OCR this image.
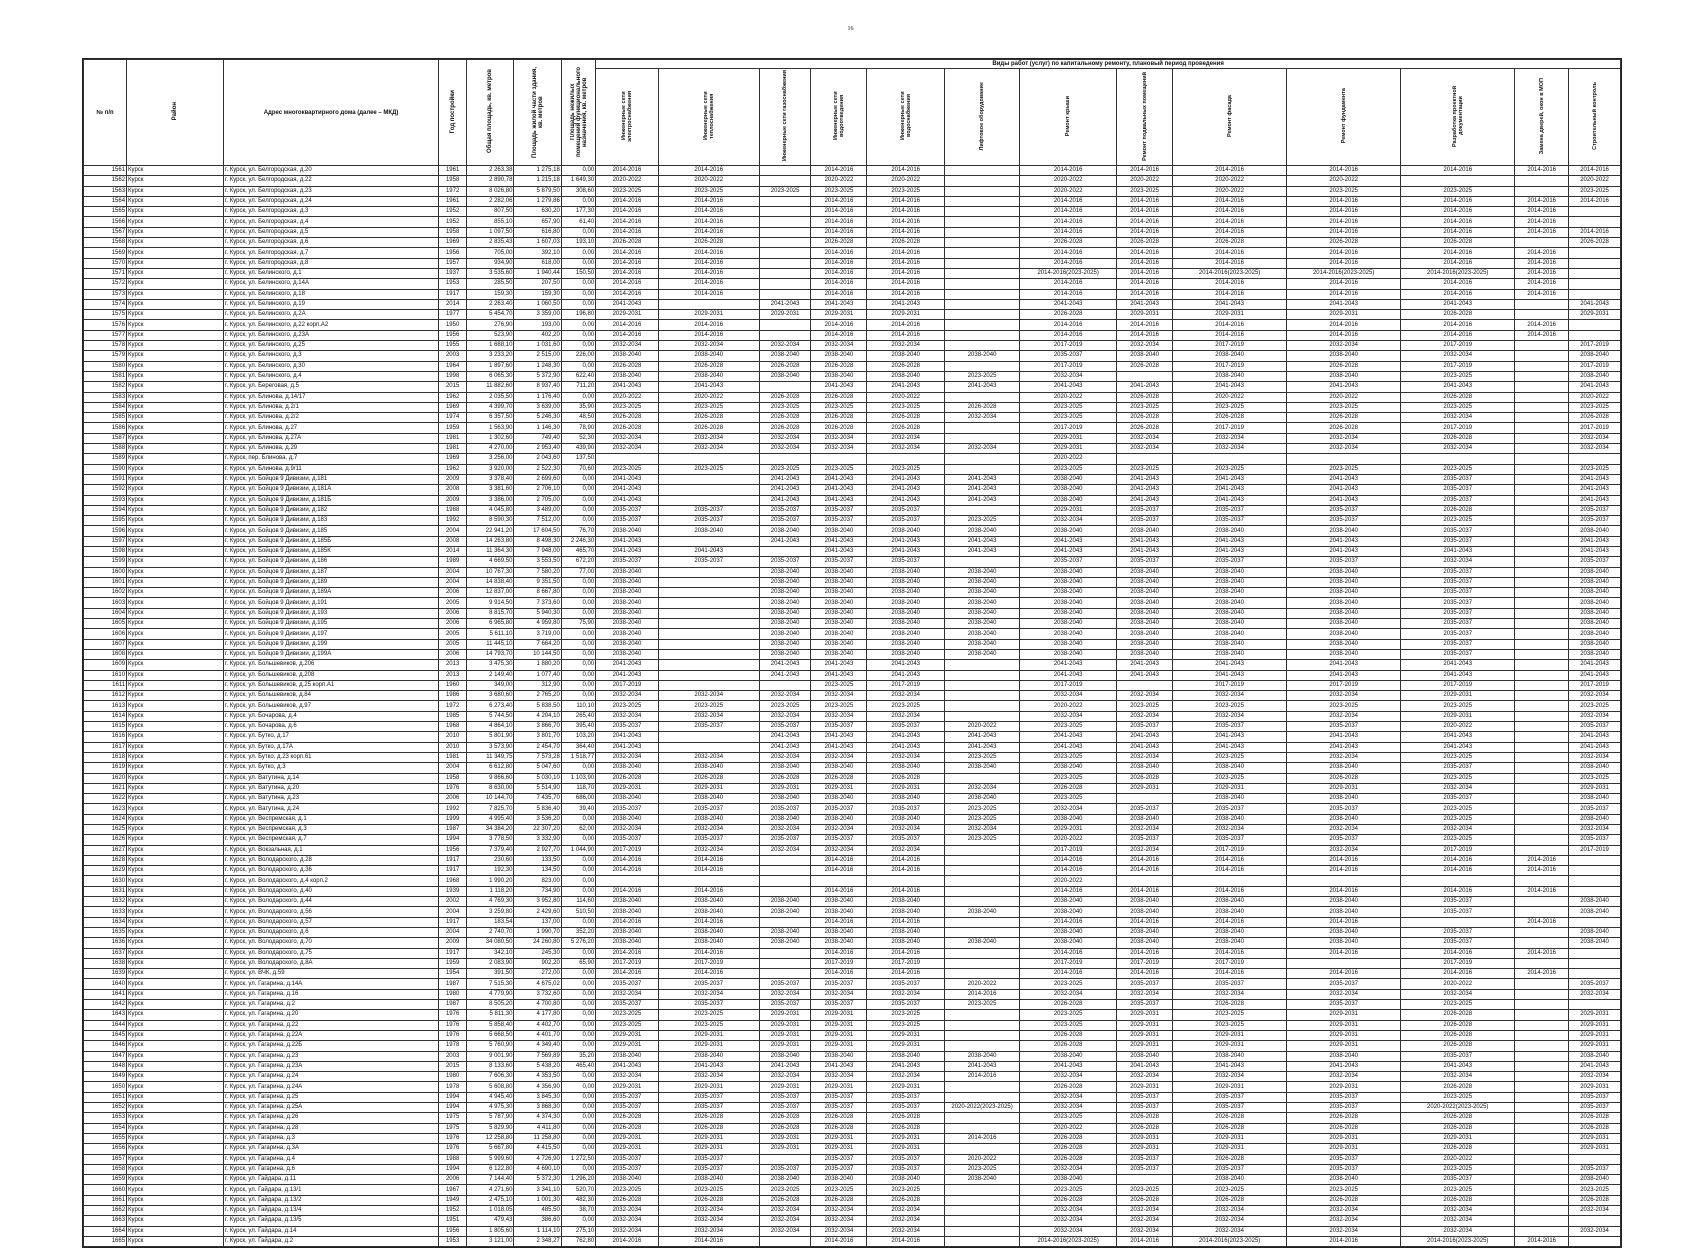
16
№ п/п	Район	Адрес многоквартирного дома (далее – МКД)	Год постройки	Общая площадь, кв. метров	Площадь жилой части здания, кв. метров	Площадь нежилых помещений функционального назначения, кв. метров	Виды работ (услуг) по капитальному ремонту, плановый период проведения												
							Инженерные сети электроснабжения	Инженерные сети теплоснабжения	Инженерные сети газоснабжения	Инженерные сети водоотведения	Инженерные сети водоснабжения	Лифтовое оборудование	Ремонт крыши	Ремонт подвальных помещений	Ремонт фасада	Ремонт фундамента	Разработка проектной документации	Замена дверей, окон в МОП	Строительный контроль
1561	Курск	г. Курск, ул. Белгородская, д.20	1961	2 263,38	1 275,18	0,00	2014-2016	2014-2016		2014-2016	2014-2016		2014-2016	2014-2016	2014-2016	2014-2016	2014-2016	2014-2016	2014-2016
1562	Курск	г. Курск, ул. Белгородская, д.22	1958	2 890,78	1 215,18	1 649,30	2020-2022	2020-2022		2020-2022	2020-2022		2020-2022	2020-2022	2020-2022	2020-2022			2020-2022
1563	Курск	г. Курск, ул. Белгородская, д.23	1972	8 026,80	5 879,50	308,60	2023-2025	2023-2025	2023-2025	2023-2025	2023-2025		2020-2022	2023-2025	2020-2022	2023-2025	2023-2025		2023-2025
1564	Курск	г. Курск, ул. Белгородская, д.24	1961	2 282,06	1 279,86	0,00	2014-2016	2014-2016		2014-2016	2014-2016		2014-2016	2014-2016	2014-2016	2014-2016	2014-2016	2014-2016	2014-2016
1565	Курск	г. Курск, ул. Белгородская, д.3	1952	807,50	630,20	177,30	2014-2016	2014-2016		2014-2016	2014-2016		2014-2016	2014-2016	2014-2016	2014-2016	2014-2016	2014-2016	
1566	Курск	г. Курск, ул. Белгородская, д.4	1952	855,10	657,90	61,40	2014-2016	2014-2016		2014-2016	2014-2016		2014-2016	2014-2016	2014-2016	2014-2016	2014-2016	2014-2016	
1567	Курск	г. Курск, ул. Белгородская, д.5	1958	1 097,50	616,80	0,00	2014-2016	2014-2016		2014-2016	2014-2016		2014-2016	2014-2016	2014-2016	2014-2016	2014-2016	2014-2016	2014-2016
1568	Курск	г. Курск, ул. Белгородская, д.6	1969	2 835,43	1 607,03	193,10	2026-2028	2026-2028		2026-2028	2026-2028		2026-2028	2026-2028	2026-2028	2026-2028	2026-2028		2026-2028
1569	Курск	г. Курск, ул. Белгородская, д.7	1956	705,00	392,10	0,00	2014-2016	2014-2016		2014-2016	2014-2016		2014-2016	2014-2016	2014-2016	2014-2016	2014-2016	2014-2016	
1570	Курск	г. Курск, ул. Белгородская, д.8	1957	934,90	618,00	0,00	2014-2016	2014-2016		2014-2016	2014-2016		2014-2016	2014-2016	2014-2016	2014-2016	2014-2016	2014-2016	
1571	Курск	г. Курск, ул. Белинского, д.1	1937	3 535,60	1 940,44	150,50	2014-2016	2014-2016		2014-2016	2014-2016		2014-2016(2023-2025)	2014-2016	2014-2016(2023-2025)	2014-2016(2023-2025)	2014-2016(2023-2025)	2014-2016	
1572	Курск	г. Курск, ул. Белинского, д.14А	1953	285,50	207,50	0,00	2014-2016	2014-2016		2014-2016	2014-2016		2014-2016	2014-2016	2014-2016	2014-2016	2014-2016	2014-2016	
1573	Курск	г. Курск, ул. Белинского, д.18	1917	159,30	159,30	0,00	2014-2016	2014-2016		2014-2016	2014-2016		2014-2016	2014-2016	2014-2016	2014-2016	2014-2016	2014-2016	
1574	Курск	г. Курск, ул. Белинского, д.19	2014	2 263,40	1 060,50	0,00	2041-2043		2041-2043	2041-2043	2041-2043		2041-2043	2041-2043	2041-2043	2041-2043	2041-2043		2041-2043
1575	Курск	г. Курск, ул. Белинского, д.2А	1977	5 454,70	3 359,00	196,80	2029-2031	2029-2031	2029-2031	2029-2031	2029-2031		2026-2028	2029-2031	2029-2031	2029-2031	2026-2028		2029-2031
1576	Курск	г. Курск, ул. Белинского, д.22 корп.А2	1950	276,90	193,00	0,00	2014-2016	2014-2016		2014-2016	2014-2016		2014-2016	2014-2016	2014-2016	2014-2016	2014-2016	2014-2016	
1577	Курск	г. Курск, ул. Белинского, д.23А	1956	523,90	402,20	0,00	2014-2016	2014-2016		2014-2016	2014-2016		2014-2016	2014-2016	2014-2016	2014-2016	2014-2016	2014-2016	
1578	Курск	г. Курск, ул. Белинского, д.25	1955	1 688,10	1 031,60	0,00	2032-2034	2032-2034	2032-2034	2032-2034	2032-2034		2017-2019	2032-2034	2017-2019	2032-2034	2017-2019		2017-2019
1579	Курск	г. Курск, ул. Белинского, д.3	2003	3 233,20	2 515,00	226,00	2038-2040	2038-2040	2038-2040	2038-2040	2038-2040	2038-2040	2035-2037	2038-2040	2038-2040	2038-2040	2032-2034		2038-2040
1580	Курск	г. Курск, ул. Белинского, д.30	1964	1 897,60	1 248,30	0,00	2026-2028	2026-2028	2026-2028	2026-2028	2026-2028		2017-2019	2026-2028	2017-2019	2026-2028	2017-2019		2017-2019
1581	Курск	г. Курск, ул. Белинского, д.4	1998	6 065,30	5 372,90	622,40	2038-2040	2038-2040	2038-2040	2038-2040	2038-2040	2023-2025	2032-2034		2038-2040	2038-2040	2023-2025		2038-2040
1582	Курск	г. Курск, ул. Береговая, д.5	2015	11 882,60	8 937,40	711,20	2041-2043	2041-2043		2041-2043	2041-2043	2041-2043	2041-2043	2041-2043	2041-2043	2041-2043	2041-2043		2041-2043
1583	Курск	г. Курск, ул. Блинова, д.14/17	1962	2 035,50	1 176,40	0,00	2020-2022	2020-2022	2026-2028	2026-2028	2020-2022		2020-2022	2026-2028	2020-2022	2020-2022	2026-2028		2020-2022
1584	Курск	г. Курск, ул. Блинова, д.2/1	1969	4 399,70	3 639,00	35,90	2023-2025	2023-2025	2023-2025	2023-2025	2023-2025	2026-2028	2023-2025	2023-2025	2023-2025	2023-2025	2023-2025		2023-2025
1585	Курск	г. Курск, ул. Блинова, д.2/2	1974	6 357,50	5 246,30	48,50	2026-2028	2026-2028	2026-2028	2026-2028	2026-2028	2032-2034	2023-2025	2026-2028	2026-2028	2026-2028	2032-2034		2026-2028
1586	Курск	г. Курск, ул. Блинова, д.27	1959	1 563,90	1 146,30	78,90	2026-2028	2026-2028	2026-2028	2026-2028	2026-2028		2017-2019	2026-2028	2017-2019	2026-2028	2017-2019		2017-2019
1587	Курск	г. Курск, ул. Блинова, д.27А	1981	1 302,60	749,40	52,30	2032-2034	2032-2034	2032-2034	2032-2034	2032-2034		2029-2031	2032-2034	2032-2034	2032-2034	2026-2028		2032-2034
1588	Курск	г. Курск, ул. Блинова, д.29	1981	4 270,00	2 953,40	439,90	2032-2034	2032-2034	2032-2034	2032-2034	2032-2034	2032-2034	2029-2031	2032-2034	2032-2034	2032-2034	2032-2034		2032-2034
1589	Курск	г. Курск, пер. Блинова, д.7	1969	3 256,00	2 043,60	137,50							2020-2022						
1590	Курск	г. Курск, ул. Блинова, д.9/11	1962	3 920,00	2 522,30	70,60	2023-2025	2023-2025	2023-2025	2023-2025	2023-2025		2023-2025	2023-2025	2023-2025	2023-2025	2023-2025		2023-2025
1591	Курск	г. Курск, ул. Бойцов 9 Дивизии, д.181	2009	3 378,40	2 699,60	0,00	2041-2043		2041-2043	2041-2043	2041-2043	2041-2043	2038-2040	2041-2043	2041-2043	2041-2043	2035-2037		2041-2043
1592	Курск	г. Курск, ул. Бойцов 9 Дивизии, д.181А	2008	3 381,60	2 706,10	0,00	2041-2043		2041-2043	2041-2043	2041-2043	2041-2043	2038-2040	2041-2043	2041-2043	2041-2043	2035-2037		2041-2043
1593	Курск	г. Курск, ул. Бойцов 9 Дивизии, д.181Б	2009	3 386,00	2 705,00	0,00	2041-2043		2041-2043	2041-2043	2041-2043	2041-2043	2038-2040	2041-2043	2041-2043	2041-2043	2035-2037		2041-2043
1594	Курск	г. Курск, ул. Бойцов 9 Дивизии, д.182	1988	4 045,80	3 489,00	0,00	2035-2037	2035-2037	2035-2037	2035-2037	2035-2037		2029-2031	2035-2037	2035-2037	2035-2037	2026-2028		2035-2037
1595	Курск	г. Курск, ул. Бойцов 9 Дивизии, д.183	1992	8 590,30	7 512,00	0,00	2035-2037	2035-2037	2035-2037	2035-2037	2035-2037	2023-2025	2032-2034	2035-2037	2035-2037	2035-2037	2023-2025		2035-2037
1596	Курск	г. Курск, ул. Бойцов 9 Дивизии, д.185	2004	22 941,20	17 604,50	76,70	2038-2040	2038-2040	2038-2040	2038-2040	2038-2040	2038-2040	2038-2040	2038-2040	2038-2040	2038-2040	2035-2037		2038-2040
1597	Курск	г. Курск, ул. Бойцов 9 Дивизии, д.185Б	2008	14 263,80	8 498,30	2 246,30	2041-2043		2041-2043	2041-2043	2041-2043	2041-2043	2041-2043	2041-2043	2041-2043	2041-2043	2035-2037		2041-2043
1598	Курск	г. Курск, ул. Бойцов 9 Дивизии, д.185К	2014	11 364,30	7 948,00	465,70	2041-2043	2041-2043		2041-2043	2041-2043	2041-2043	2041-2043	2041-2043	2041-2043	2041-2043	2041-2043		2041-2043
1599	Курск	г. Курск, ул. Бойцов 9 Дивизии, д.186	1989	4 669,50	3 553,50	672,20	2035-2037	2035-2037	2035-2037	2035-2037	2035-2037		2035-2037	2035-2037	2035-2037	2035-2037	2032-2034		2035-2037
1600	Курск	г. Курск, ул. Бойцов 9 Дивизии, д.187	2004	10 767,30	7 580,20	77,00	2038-2040		2038-2040	2038-2040	2038-2040	2038-2040	2038-2040	2038-2040	2038-2040	2038-2040	2035-2037		2038-2040
1601	Курск	г. Курск, ул. Бойцов 9 Дивизии, д.189	2004	14 838,40	9 351,50	0,00	2038-2040		2038-2040	2038-2040	2038-2040	2038-2040	2038-2040	2038-2040	2038-2040	2038-2040	2035-2037		2038-2040
1602	Курск	г. Курск, ул. Бойцов 9 Дивизии, д.189А	2006	12 837,00	8 667,80	0,00	2038-2040		2038-2040	2038-2040	2038-2040	2038-2040	2038-2040	2038-2040	2038-2040	2038-2040	2035-2037		2038-2040
1603	Курск	г. Курск, ул. Бойцов 9 Дивизии, д.191	2005	9 914,50	7 373,60	0,00	2038-2040		2038-2040	2038-2040	2038-2040	2038-2040	2038-2040	2038-2040	2038-2040	2038-2040	2035-2037		2038-2040
1604	Курск	г. Курск, ул. Бойцов 9 Дивизии, д.193	2006	8 815,70	5 940,30	0,00	2038-2040		2038-2040	2038-2040	2038-2040	2038-2040	2038-2040	2038-2040	2038-2040	2038-2040	2035-2037		2038-2040
1605	Курск	г. Курск, ул. Бойцов 9 Дивизии, д.195	2006	6 965,80	4 959,80	75,90	2038-2040		2038-2040	2038-2040	2038-2040	2038-2040	2038-2040	2038-2040	2038-2040	2038-2040	2035-2037		2038-2040
1606	Курск	г. Курск, ул. Бойцов 9 Дивизии, д.197	2005	5 611,10	3 719,00	0,00	2038-2040		2038-2040	2038-2040	2038-2040	2038-2040	2038-2040	2038-2040	2038-2040	2038-2040	2035-2037		2038-2040
1607	Курск	г. Курск, ул. Бойцов 9 Дивизии, д.199	2005	11 445,10	7 664,20	0,00	2038-2040		2038-2040	2038-2040	2038-2040	2038-2040	2038-2040	2038-2040	2038-2040	2038-2040	2035-2037		2038-2040
1608	Курск	г. Курск, ул. Бойцов 9 Дивизии, д.199А	2006	14 793,70	10 144,50	0,00	2038-2040		2038-2040	2038-2040	2038-2040	2038-2040	2038-2040	2038-2040	2038-2040	2038-2040	2035-2037		2038-2040
1609	Курск	г. Курск, ул. Большевиков, д.206	2013	3 475,30	1 880,20	0,00	2041-2043		2041-2043	2041-2043	2041-2043		2041-2043	2041-2043	2041-2043	2041-2043	2041-2043		2041-2043
1610	Курск	г. Курск, ул. Большевиков, д.208	2013	2 149,40	1 077,40	0,00	2041-2043		2041-2043	2041-2043	2041-2043		2041-2043	2041-2043	2041-2043	2041-2043	2041-2043		2041-2043
1611	Курск	г. Курск, ул. Большевиков, д.25 корп.А1	1960	349,00	312,90	0,00	2017-2019			2023-2025	2017-2019		2017-2019		2017-2019	2017-2019	2017-2019		2017-2019
1612	Курск	г. Курск, ул. Большевиков, д.84	1986	3 680,60	2 765,20	0,00	2032-2034	2032-2034	2032-2034	2032-2034	2032-2034		2032-2034	2032-2034	2032-2034	2032-2034	2029-2031		2032-2034
1613	Курск	г. Курск, ул. Большевиков, д.97	1972	6 273,40	5 838,50	110,10	2023-2025	2023-2025	2023-2025	2023-2025	2023-2025		2020-2022	2023-2025	2023-2025	2023-2025	2023-2025		2023-2025
1614	Курск	г. Курск, ул. Бочарова, д.4	1985	5 744,50	4 204,10	265,40	2032-2034	2032-2034	2032-2034	2032-2034	2032-2034		2032-2034	2032-2034	2032-2034	2032-2034	2029-2031		2032-2034
1615	Курск	г. Курск, ул. Бочарова, д.6	1968	4 864,10	3 866,70	395,40	2035-2037	2035-2037	2035-2037	2035-2037	2035-2037	2020-2022	2023-2025	2035-2037	2035-2037	2035-2037	2020-2022		2035-2037
1616	Курск	г. Курск, ул. Бутко, д.17	2010	5 801,90	3 801,70	103,20	2041-2043		2041-2043	2041-2043	2041-2043	2041-2043	2041-2043	2041-2043	2041-2043	2041-2043	2041-2043		2041-2043
1617	Курск	г. Курск, ул. Бутко, д.17А	2010	3 573,90	2 454,70	364,40	2041-2043		2041-2043	2041-2043	2041-2043	2041-2043	2041-2043	2041-2043	2041-2043	2041-2043	2041-2043		2041-2043
1618	Курск	г. Курск, ул. Бутко, д.23 корп.61	1981	11 349,75	7 573,28	1 518,77	2032-2034	2032-2034	2032-2034	2032-2034	2032-2034	2023-2025	2023-2025	2032-2034	2023-2025	2032-2034	2023-2025		2032-2034
1619	Курск	г. Курск, ул. Бутко, д.3	2004	6 612,80	5 047,60	0,00	2038-2040	2038-2040	2038-2040	2038-2040	2038-2040	2038-2040	2038-2040	2038-2040	2038-2040	2038-2040	2035-2037		2038-2040
1620	Курск	г. Курск, ул. Ватутина, д.14	1958	9 866,60	5 030,10	1 103,90	2026-2028	2026-2028	2026-2028	2026-2028	2026-2028		2023-2025	2026-2028	2023-2025	2026-2028	2023-2025		2023-2025
1621	Курск	г. Курск, ул. Ватутина, д.20	1976	8 630,00	5 514,90	118,70	2029-2031	2029-2031	2029-2031	2029-2031	2029-2031	2032-2034	2026-2028	2029-2031	2029-2031	2029-2031	2032-2034		2029-2031
1622	Курск	г. Курск, ул. Ватутина, д.23	2006	10 144,70	7 435,70	686,00	2038-2040	2038-2040	2038-2040	2038-2040	2038-2040	2038-2040	2023-2025		2038-2040	2038-2040	2035-2037		2038-2040
1623	Курск	г. Курск, ул. Ватутина, д.24	1992	7 825,70	5 836,40	39,40	2035-2037	2035-2037	2035-2037	2035-2037	2035-2037	2023-2025	2032-2034	2035-2037	2035-2037	2035-2037	2023-2025		2035-2037
1624	Курск	г. Курск, ул. Веспремская, д.1	1999	4 995,40	3 536,20	0,00	2038-2040	2038-2040	2038-2040	2038-2040	2038-2040	2023-2025	2038-2040	2038-2040	2038-2040	2038-2040	2023-2025		2038-2040
1625	Курск	г. Курск, ул. Веспремская, д.3	1987	34 384,20	22 307,20	62,00	2032-2034	2032-2034	2032-2034	2032-2034	2032-2034	2032-2034	2029-2031	2032-2034	2032-2034	2032-2034	2032-2034		2032-2034
1626	Курск	г. Курск, ул. Веспремская, д.7	1994	3 778,50	3 332,90	0,00	2035-2037	2035-2037	2035-2037	2035-2037	2035-2037	2023-2025	2020-2022	2035-2037	2035-2037	2035-2037	2023-2025		2035-2037
1627	Курск	г. Курск, ул. Вокзальная, д.1	1956	7 379,40	2 927,70	1 044,90	2017-2019	2032-2034	2032-2034	2032-2034	2032-2034		2017-2019	2032-2034	2017-2019	2032-2034	2017-2019		2017-2019
1628	Курск	г. Курск, ул. Володарского, д.28	1917	230,60	133,50	0,00	2014-2016	2014-2016		2014-2016	2014-2016		2014-2016	2014-2016	2014-2016	2014-2016	2014-2016	2014-2016	
1629	Курск	г. Курск, ул. Володарского, д.36	1917	192,30	134,50	0,00	2014-2016	2014-2016		2014-2016	2014-2016		2014-2016	2014-2016	2014-2016	2014-2016	2014-2016	2014-2016	
1630	Курск	г. Курск, ул. Володарского, д.4 корп.2	1968	1 990,20	823,00	0,00							2020-2022						
1631	Курск	г. Курск, ул. Володарского, д.40	1939	1 118,20	734,90	0,00	2014-2016	2014-2016		2014-2016	2014-2016		2014-2016	2014-2016	2014-2016	2014-2016	2014-2016	2014-2016	
1632	Курск	г. Курск, ул. Володарского, д.44	2002	4 769,30	3 952,80	114,60	2038-2040	2038-2040	2038-2040	2038-2040	2038-2040		2038-2040	2038-2040	2038-2040	2038-2040	2035-2037		2038-2040
1633	Курск	г. Курск, ул. Володарского, д.56	2004	3 259,80	2 429,60	510,50	2038-2040	2038-2040	2038-2040	2038-2040	2038-2040	2038-2040	2038-2040	2038-2040	2038-2040	2038-2040	2035-2037		2038-2040
1634	Курск	г. Курск, ул. Володарского, д.57	1917	183,54	137,00	0,00	2014-2016	2014-2016		2014-2016	2014-2016		2014-2016	2014-2016	2014-2016	2014-2016		2014-2016	
1635	Курск	г. Курск, ул. Володарского, д.6	2004	2 740,70	1 990,70	352,20	2038-2040	2038-2040	2038-2040	2038-2040	2038-2040		2038-2040	2038-2040	2038-2040	2038-2040	2035-2037		2038-2040
1636	Курск	г. Курск, ул. Володарского, д.70	2009	34 080,50	24 260,80	5 276,20	2038-2040	2038-2040	2038-2040	2038-2040	2038-2040	2038-2040	2038-2040	2038-2040	2038-2040	2038-2040	2035-2037		2038-2040
1637	Курск	г. Курск, ул. Володарского, д.75	1917	342,10	245,30	0,00	2014-2016	2014-2016		2014-2016	2014-2016		2014-2016	2014-2016	2014-2016	2014-2016	2014-2016	2014-2016	
1638	Курск	г. Курск, ул. Володарского, д.8А	1959	2 083,90	902,20	65,90	2017-2019	2017-2019		2017-2019	2017-2019		2017-2019	2017-2019	2017-2019		2017-2019		
1639	Курск	г. Курск, ул. ВЧК, д.59	1954	391,50	272,00	0,00	2014-2016	2014-2016		2014-2016	2014-2016		2014-2016	2014-2016	2014-2016	2014-2016	2014-2016	2014-2016	
1640	Курск	г. Курск, ул. Гагарина, д.14А	1987	7 515,30	4 675,02	0,00	2035-2037	2035-2037	2035-2037	2035-2037	2035-2037	2020-2022	2023-2025	2035-2037	2035-2037	2035-2037	2020-2022		2035-2037
1641	Курск	г. Курск, ул. Гагарина, д.16	1980	4 779,90	3 732,60	0,00	2032-2034	2032-2034	2032-2034	2032-2034	2032-2034	2014-2016	2032-2034	2032-2034	2032-2034	2032-2034	2032-2034		2032-2034
1642	Курск	г. Курск, ул. Гагарина, д.2	1987	8 505,20	4 700,80	0,00	2035-2037	2035-2037	2035-2037	2035-2037	2035-2037	2023-2025	2026-2028	2035-2037	2026-2028	2035-2037	2023-2025		
1643	Курск	г. Курск, ул. Гагарина, д.20	1976	5 811,30	4 177,80	0,00	2023-2025	2023-2025	2029-2031	2029-2031	2023-2025		2023-2025	2029-2031	2023-2025	2029-2031	2026-2028		2029-2031
1644	Курск	г. Курск, ул. Гагарина, д.22	1976	5 858,40	4 402,70	0,00	2023-2025	2023-2025	2029-2031	2029-2031	2023-2025		2023-2025	2029-2031	2023-2025	2029-2031	2026-2028		2029-2031
1645	Курск	г. Курск, ул. Гагарина, д.22А	1976	5 668,50	4 401,70	0,00	2029-2031	2029-2031	2029-2031	2029-2031	2029-2031		2026-2028	2029-2031	2029-2031	2029-2031	2026-2028		2029-2031
1646	Курск	г. Курск, ул. Гагарина, д.22Б	1978	5 760,90	4 349,40	0,00	2029-2031	2029-2031	2029-2031	2029-2031	2029-2031		2026-2028	2029-2031	2029-2031	2029-2031	2026-2028		2029-2031
1647	Курск	г. Курск, ул. Гагарина, д.23	2003	9 001,90	7 569,89	35,20	2038-2040	2038-2040	2038-2040	2038-2040	2038-2040	2038-2040	2038-2040	2038-2040	2038-2040	2038-2040	2035-2037		2038-2040
1648	Курск	г. Курск, ул. Гагарина, д.23А	2015	8 133,60	5 438,20	465,40	2041-2043	2041-2043	2041-2043	2041-2043	2041-2043	2041-2043	2041-2043	2041-2043	2041-2043	2041-2043	2041-2043		2041-2043
1649	Курск	г. Курск, ул. Гагарина, д.24	1980	7 606,30	4 353,50	0,00	2032-2034	2032-2034	2032-2034	2032-2034	2032-2034	2014-2016	2032-2034	2032-2034	2032-2034	2032-2034	2032-2034		2032-2034
1650	Курск	г. Курск, ул. Гагарина, д.24А	1978	5 608,80	4 356,90	0,00	2029-2031	2029-2031	2029-2031	2029-2031	2029-2031		2026-2028	2029-2031	2029-2031	2029-2031	2026-2028		2029-2031
1651	Курск	г. Курск, ул. Гагарина, д.25	1994	4 945,40	3 845,30	0,00	2035-2037	2035-2037	2035-2037	2035-2037	2035-2037		2032-2034	2035-2037	2035-2037	2035-2037	2023-2025		2035-2037
1652	Курск	г. Курск, ул. Гагарина, д.25А	1994	4 975,30	3 868,30	0,00	2035-2037	2035-2037	2035-2037	2035-2037	2035-2037	2020-2022(2023-2025)	2032-2034	2035-2037	2035-2037	2035-2037	2020-2022(2023-2025)		2035-2037
1653	Курск	г. Курск, ул. Гагарина, д.26	1975	5 787,90	4 374,30	0,00	2026-2028	2026-2028	2026-2028	2026-2028	2026-2028		2023-2025	2026-2028	2026-2028	2026-2028	2026-2028		2026-2028
1654	Курск	г. Курск, ул. Гагарина, д.28	1975	5 829,90	4 411,80	0,00	2026-2028	2026-2028	2026-2028	2026-2028	2026-2028		2020-2022	2026-2028	2026-2028	2026-2028	2026-2028		2026-2028
1655	Курск	г. Курск, ул. Гагарина, д.3	1976	12 258,80	11 258,80	0,00	2029-2031	2029-2031	2029-2031	2029-2031	2029-2031	2014-2016	2026-2028	2029-2031	2029-2031	2029-2031	2029-2031		2029-2031
1656	Курск	г. Курск, ул. Гагарина, д.3А	1976	5 667,80	4 415,50	0,00	2029-2031	2029-2031	2029-2031	2029-2031	2029-2031		2026-2028	2029-2031	2029-2031	2029-2031	2026-2028		2029-2031
1657	Курск	г. Курск, ул. Гагарина, д.4	1988	5 999,60	4 726,90	1 272,50	2035-2037	2035-2037		2035-2037	2035-2037	2020-2022	2026-2028	2035-2037	2026-2028	2035-2037	2020-2022		
1658	Курск	г. Курск, ул. Гагарина, д.6	1994	6 122,80	4 690,10	0,00	2035-2037	2035-2037	2035-2037	2035-2037	2035-2037	2023-2025	2032-2034	2035-2037	2035-2037	2035-2037	2023-2025		2035-2037
1659	Курск	г. Курск, ул. Гайдара, д.11	2006	7 144,40	5 372,30	1 296,20	2038-2040	2038-2040	2038-2040	2038-2040	2038-2040	2038-2040	2038-2040		2038-2040	2038-2040	2035-2037		2038-2040
1660	Курск	г. Курск, ул. Гайдара, д.13/1	1967	4 271,60	3 341,10	520,70	2023-2025	2023-2025	2023-2025	2023-2025	2023-2025		2023-2025	2023-2025	2023-2025	2023-2025	2023-2025		2023-2025
1661	Курск	г. Курск, ул. Гайдара, д.13/2	1949	2 475,10	1 001,30	482,30	2026-2028	2026-2028	2026-2028	2026-2028	2026-2028		2026-2028	2026-2028	2026-2028	2026-2028	2026-2028		2026-2028
1662	Курск	г. Курск, ул. Гайдара, д.13/4	1952	1 018,05	485,50	38,70	2032-2034	2032-2034	2032-2034	2032-2034	2032-2034		2032-2034	2032-2034	2032-2034	2032-2034	2032-2034		2032-2034
1663	Курск	г. Курск, ул. Гайдара, д.13/5	1951	479,43	386,60	0,00	2032-2034	2032-2034	2032-2034	2032-2034	2032-2034		2032-2034	2032-2034	2032-2034	2032-2034	2032-2034		
1664	Курск	г. Курск, ул. Гайдара, д.14	1956	1 805,60	1 114,10	275,10	2032-2034	2032-2034	2032-2034	2032-2034	2032-2034		2032-2034	2032-2034	2032-2034	2032-2034	2032-2034		2032-2034
1665	Курск	г. Курск, ул. Гайдара, д.2	1953	3 121,00	2 348,27	762,80	2014-2016	2014-2016		2014-2016	2014-2016		2014-2016(2023-2025)	2014-2016	2014-2016(2023-2025)	2014-2016	2014-2016(2023-2025)	2014-2016	
